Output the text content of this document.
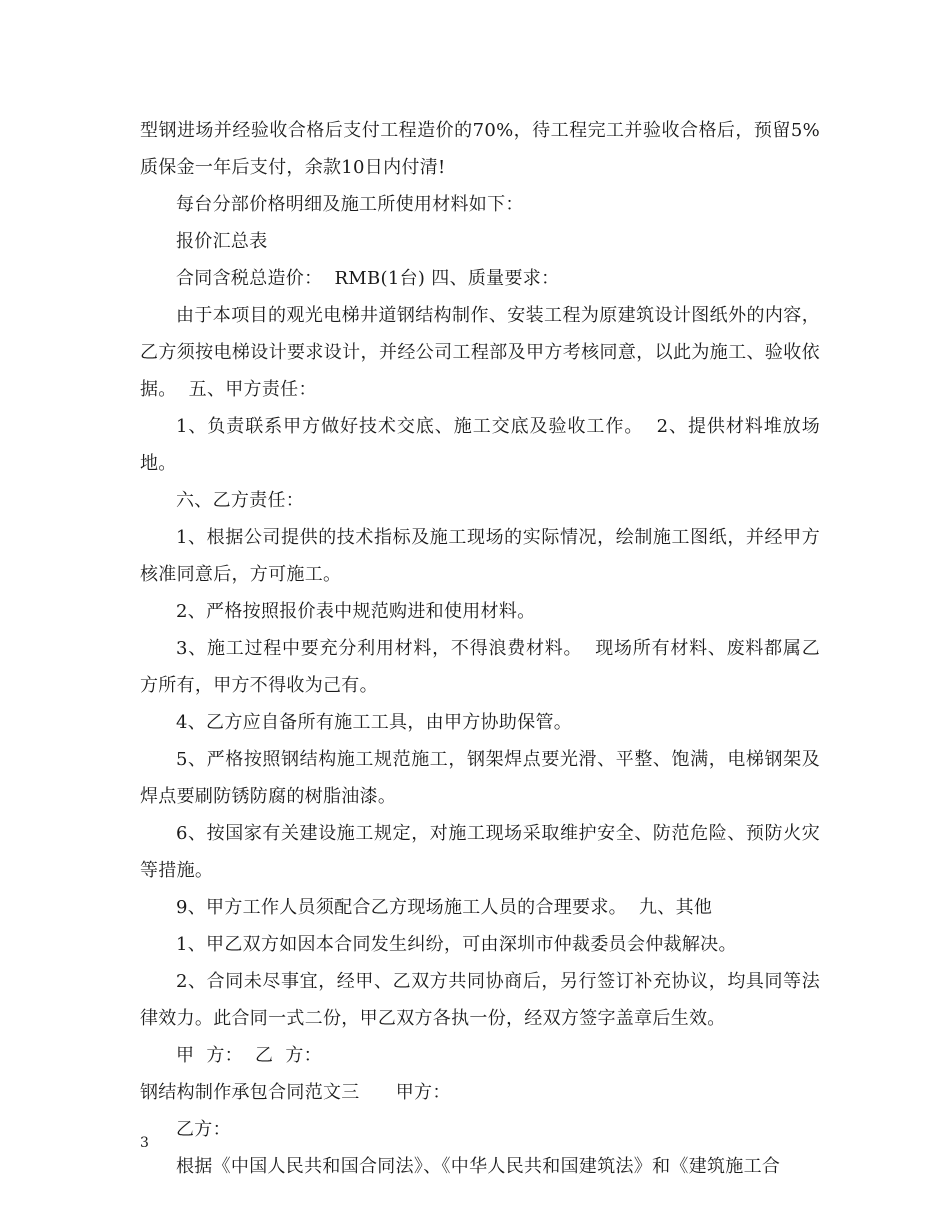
型钢进场并经验收合格后支付工程造价的70%，待工程完工并验收合格后，预留5%质保金一年后支付，余款10日内付清!

每台分部价格明细及施工所使用材料如下：

报价汇总表

合同含税总造价：  RMB(1台) 四、质量要求：

由于本项目的观光电梯井道钢结构制作、安装工程为原建筑设计图纸外的内容，乙方须按电梯设计要求设计，并经公司工程部及甲方考核同意，以此为施工、验收依据。  五、甲方责任：

1、负责联系甲方做好技术交底、施工交底及验收工作。  2、提供材料堆放场地。

六、乙方责任：

1、根据公司提供的技术指标及施工现场的实际情况，绘制施工图纸，并经甲方核准同意后，方可施工。

2、严格按照报价表中规范购进和使用材料。

3、施工过程中要充分利用材料，不得浪费材料。  现场所有材料、废料都属乙方所有，甲方不得收为己有。

4、乙方应自备所有施工工具，由甲方协助保管。

5、严格按照钢结构施工规范施工，钢架焊点要光滑、平整、饱满，电梯钢架及焊点要刷防锈防腐的树脂油漆。

6、按国家有关建设施工规定，对施工现场采取维护安全、防范危险、预防火灾等措施。

9、甲方工作人员须配合乙方现场施工人员的合理要求。  九、其他

1、甲乙双方如因本合同发生纠纷，可由深圳市仲裁委员会仲裁解决。

2、合同未尽事宜，经甲、乙双方共同协商后，另行签订补充协议，均具同等法律效力。此合同一式二份，甲乙双方各执一份，经双方签字盖章后生效。

甲  方：  乙  方：

钢结构制作承包合同范文三      甲方：

乙方：

根据《中国人民共和国合同法》、《中华人民共和国建筑法》和《建筑施工合

3
